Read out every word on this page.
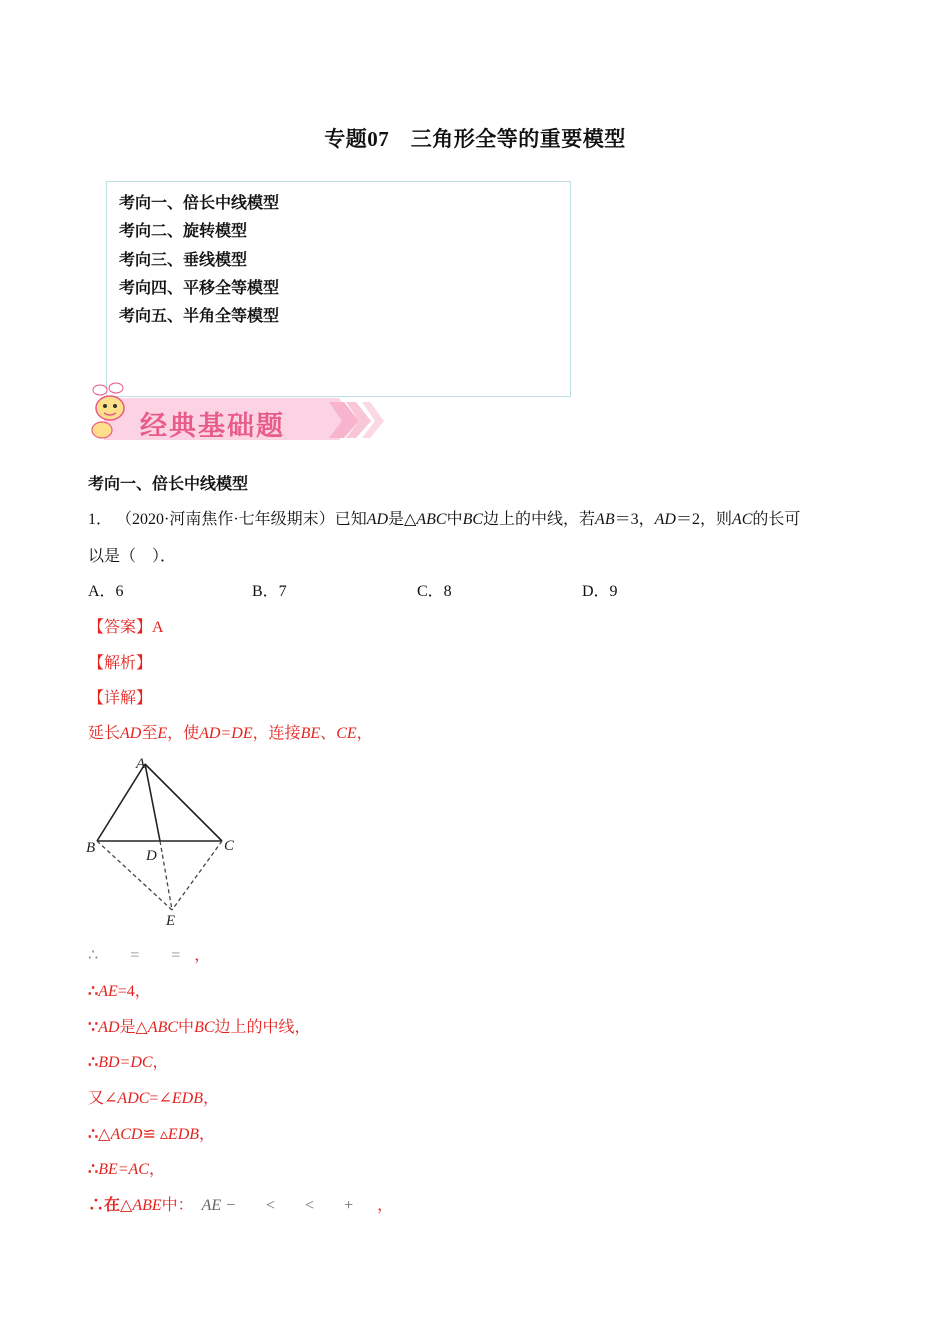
专题07　三角形全等的重要模型
考向一、倍长中线模型
考向二、旋转模型
考向三、垂线模型
考向四、平移全等模型
考向五、半角全等模型
经典基础题
考向一、倍长中线模型
1． （2020·河南焦作·七年级期末）已知AD是△ABC中BC边上的中线，若AB＝3，AD＝2，则AC的长可
以是（　）．
A．6	B．7	C．8	D．9
【答案】A
【解析】
【详解】
延长AD至E，使AD=DE，连接BE、CE，
A
B	C
D
E
∴ = = ，
∴AE=4，
∵AD是△ABC中BC边上的中线，
∴BD=DC，
又∠ADC=∠EDB，
∴△ACD≌ ▵EDB，
∴BE=AC，
∴在△ABE中： AE − < < + ，
